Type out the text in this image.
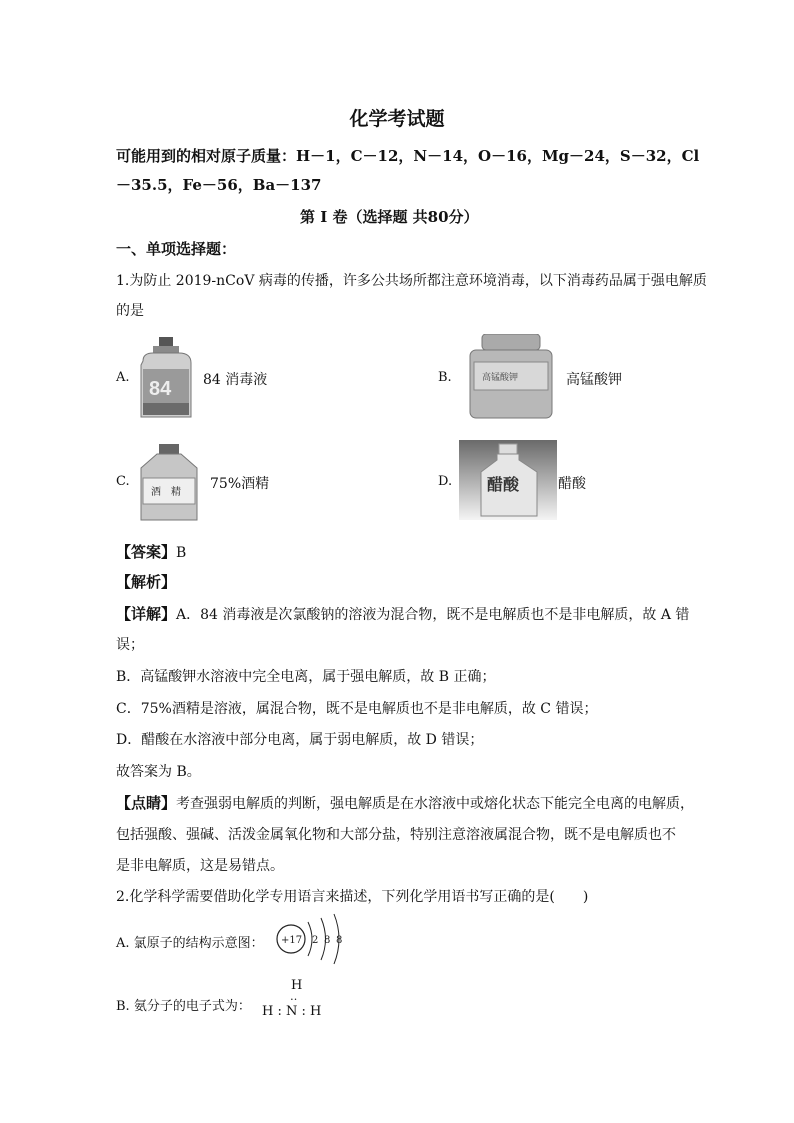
化学考试题
可能用到的相对原子质量：H－1，C－12，N－14，O－16，Mg－24，S－32，Cl
－35.5，Fe－56，Ba－137
第 I 卷（选择题 共80分）
一、单项选择题：
1.为防止 2019-nCoV 病毒的传播，许多公共场所都注意环境消毒，以下消毒药品属于强电解质
的是
A.
84 84 消毒液	B.	高锰酸钾	高锰酸钾
C.
酒　精
75%酒精	D. 醋酸	醋酸
【答案】B
【解析】
【详解】A．84 消毒液是次氯酸钠的溶液为混合物，既不是电解质也不是非电解质，故 A 错
误；
B．高锰酸钾水溶液中完全电离，属于强电解质，故 B 正确；
C．75%酒精是溶液，属混合物，既不是电解质也不是非电解质，故 C 错误；
D．醋酸在水溶液中部分电离，属于弱电解质，故 D 错误；
故答案为 B。
【点睛】考查强弱电解质的判断，强电解质是在水溶液中或熔化状态下能完全电离的电解质，
包括强酸、强碱、活泼金属氧化物和大部分盐，特别注意溶液属混合物，既不是电解质也不
是非电解质，这是易错点。
2.化学科学需要借助化学专用语言来描述，下列化学用语书写正确的是(　　)
A. 氯原子的结构示意图： +17 2 8 8
B. 氨分子的电子式为：
H
‥
H : N : H
